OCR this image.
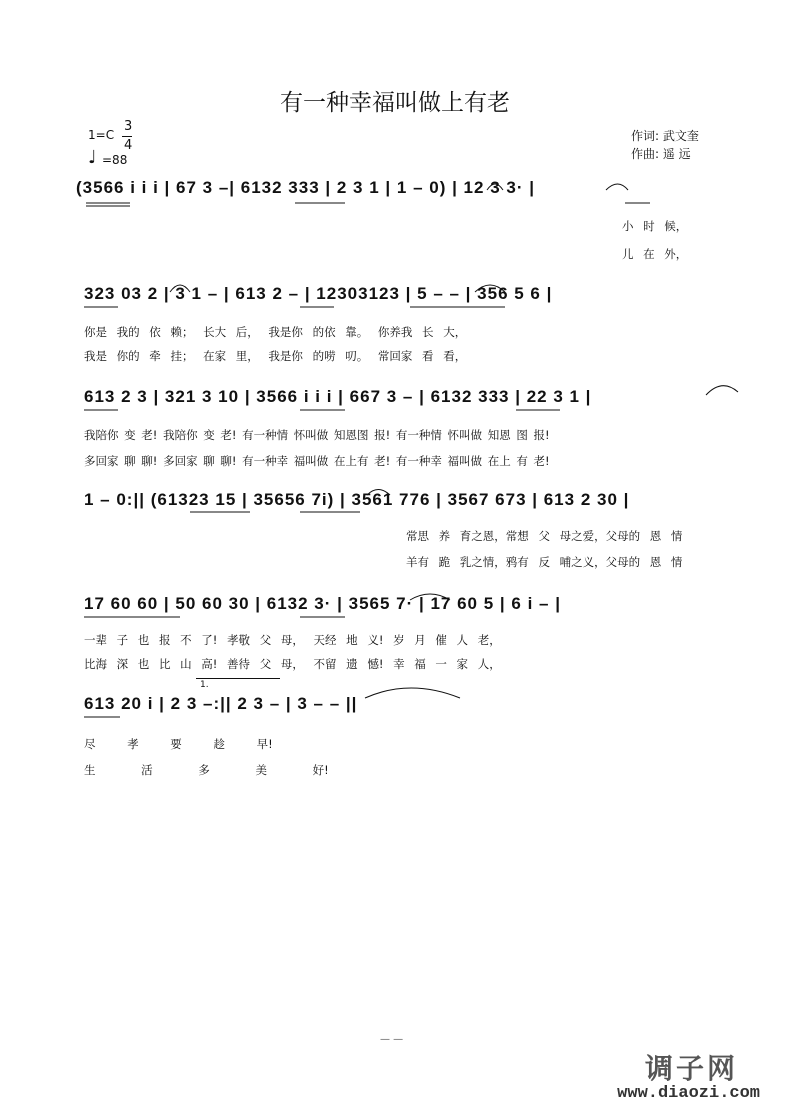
有一种幸福叫做上有老
1=C
3
4
♩ =88
作词: 武文奎
作曲: 遥 远
(3566 i i i | 67 3 –| 6132 333 | 2 3 1 | 1 – 0) | 12 3 3· |
小 时 候，
儿 在 外，
323 03 2 | 3 1 – | 613 2 – | 12303123 | 5 – – | 356 5 6 |
你是 我的 依 赖； 长大 后， 我是你 的依 靠。 你养我 长 大，
我是 你的 牵 挂； 在家 里， 我是你 的唠 叨。 常回家 看 看，
613 2 3 | 321 3 10 | 3566 i i i | 667 3 – | 6132 333 | 22 3 1 |
我陪你 变 老! 我陪你 变 老! 有一种情 怀叫做 知恩图 报! 有一种情 怀叫做 知恩 图 报!
多回家 聊 聊! 多回家 聊 聊! 有一种幸 福叫做 在上有 老! 有一种幸 福叫做 在上 有 老!
1 – 0:|| (61323 15 | 35656 7i) | 3561 776 | 3567 673 | 613 2 30 |
常思 养 育之恩，常想 父 母之爱，父母的 恩 情
羊有 跪 乳之情，鸦有 反 哺之义，父母的 恩 情
17 60 60 | 50 60 30 | 6132 3· | 3565 7· | 17 60 5 | 6 i – |
一辈 子 也 报 不 了! 孝敬 父 母， 天经 地 义! 岁 月 催 人 老，
比海 深 也 比 山 高! 善待 父 母， 不留 遗 憾! 幸 福 一 家 人，
1.
613 20 i | 2 3 –:|| 2 3 – | 3 – – ||
尽 孝 要 趁 早!
生 活 多 美 好!
— —
调子网
www.diaozi.com
